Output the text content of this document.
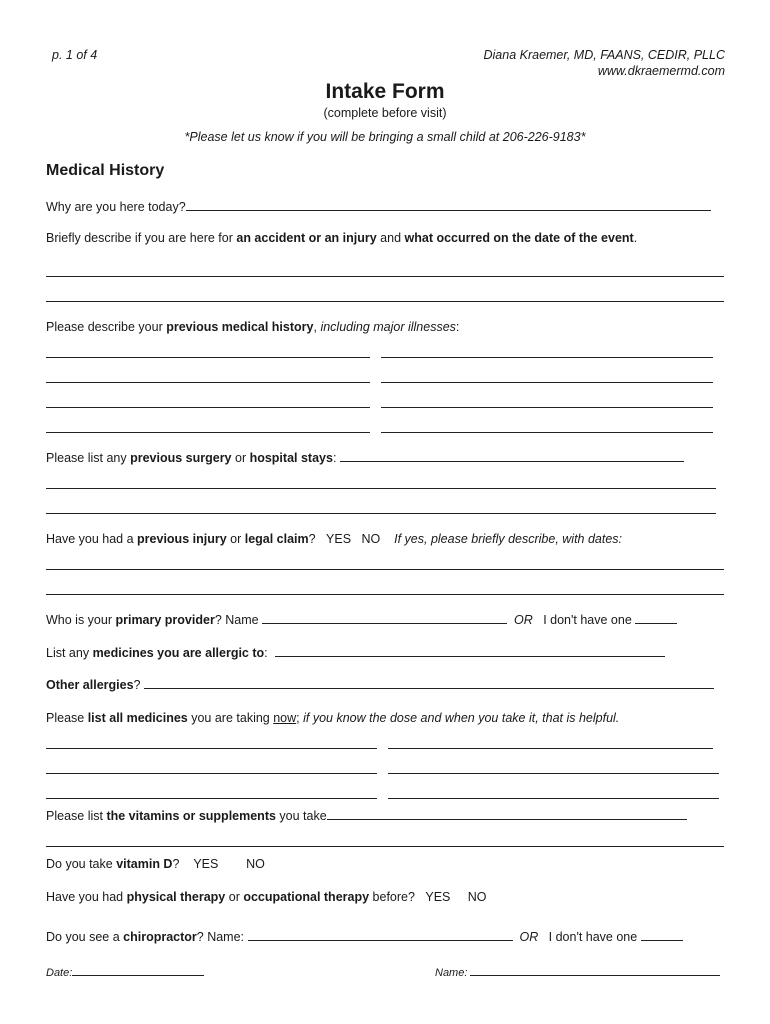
p. 1 of 4	Diana Kraemer, MD, FAANS, CEDIR, PLLC
www.dkraemermd.com
Intake Form
(complete before visit)
*Please let us know if you will be bringing a small child at 206-226-9183*
Medical History
Why are you here today?
Briefly describe if you are here for an accident or an injury and what occurred on the date of the event.
Please describe your previous medical history, including major illnesses:
Please list any previous surgery or hospital stays:
Have you had a previous injury or legal claim? YES NO If yes, please briefly describe, with dates:
Who is your primary provider? Name	OR I don't have one
List any medicines you are allergic to:
Other allergies?
Please list all medicines you are taking now; if you know the dose and when you take it, that is helpful.
Please list the vitamins or supplements you take
Do you take vitamin D? YES NO
Have you had physical therapy or occupational therapy before? YES NO
Do you see a chiropractor? Name:	OR I don't have one
Date:	Name:
